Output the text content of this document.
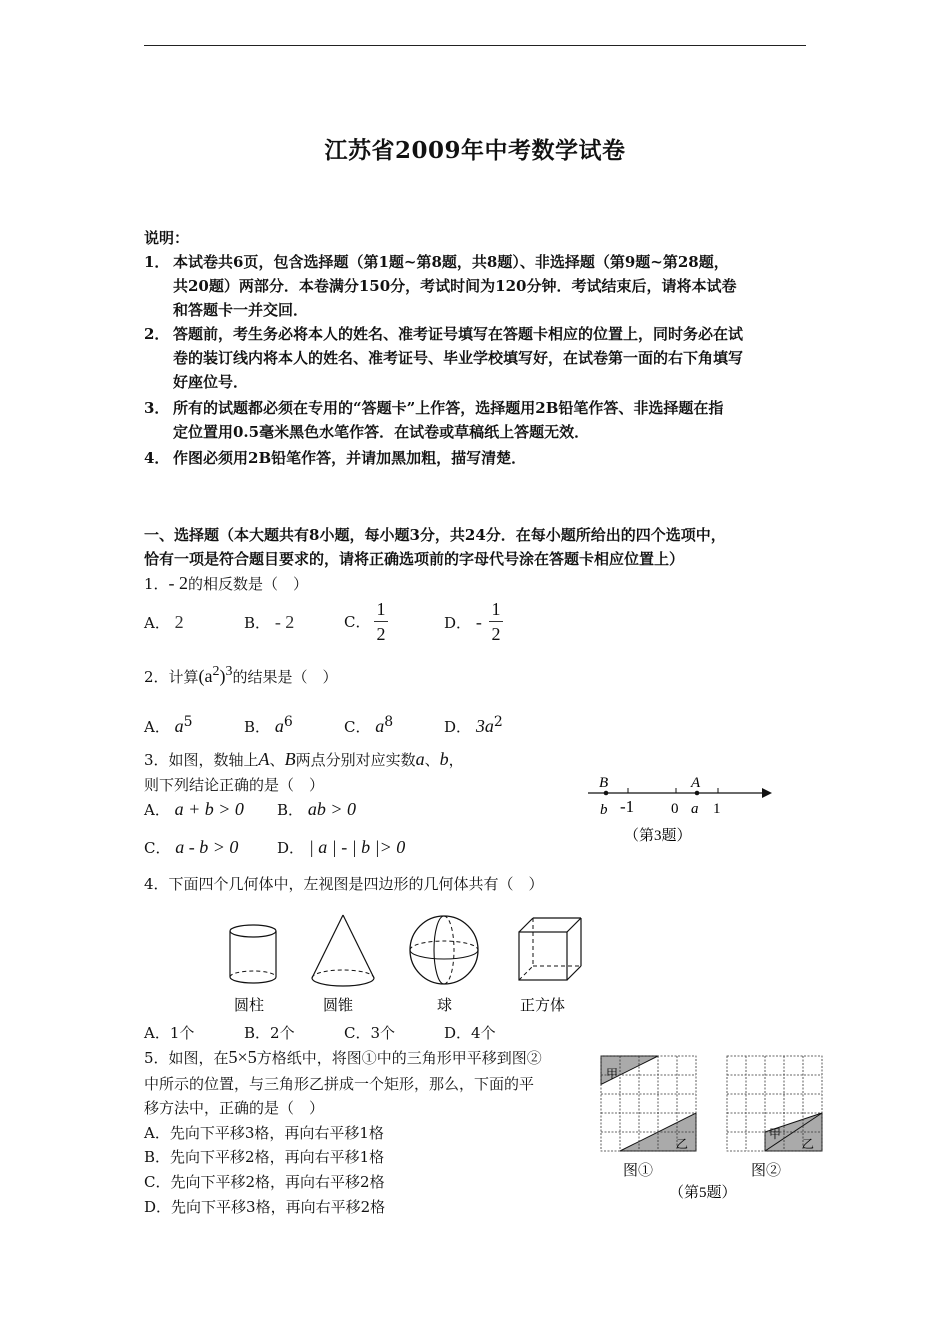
江苏省2009年中考数学试卷
说明：
1． 本试卷共6页，包含选择题（第1题~第8题，共8题）、非选择题（第9题~第28题，
共20题）两部分．本卷满分150分，考试时间为120分钟．考试结束后，请将本试卷
和答题卡一并交回．
2． 答题前，考生务必将本人的姓名、准考证号填写在答题卡相应的位置上，同时务必在试
卷的装订线内将本人的姓名、准考证号、毕业学校填写好，在试卷第一面的右下角填写
好座位号．
3． 所有的试题都必须在专用的“答题卡”上作答，选择题用2B铅笔作答、非选择题在指
定位置用0.5毫米黑色水笔作答．在试卷或草稿纸上答题无效．
4． 作图必须用2B铅笔作答，并请加黑加粗，描写清楚．
一、选择题（本大题共有8小题，每小题3分，共24分．在每小题所给出的四个选项中，
恰有一项是符合题目要求的，请将正确选项前的字母代号涂在答题卡相应位置上）
1．- 2的相反数是（　）
A． 2	B． - 2	C．
1
2
D． -
1
2
2．计算$(a^2)^3$的结果是（　）
A． $a^5$	B． $a^6$	C． $a^8$	D． $3a^2$
3．如图，数轴上A、B两点分别对应实数a、b，
则下列结论正确的是（　）
A． a + b > 0 B． ab > 0
C． a - b > 0	D． | a | - | b |> 0
B	A
b -1 0 a 1
（第3题）
4．下面四个几何体中，左视图是四边形的几何体共有（　）
圆柱	圆锥	球	正方体
A．1个	B．2个	C．3个	D．4个
5．如图，在5×5方格纸中，将图①中的三角形甲平移到图②
中所示的位置，与三角形乙拼成一个矩形，那么，下面的平
移方法中，正确的是（　）
A．先向下平移3格，再向右平移1格
B．先向下平移2格，再向右平移1格
C．先向下平移2格，再向右平移2格
D．先向下平移3格，再向右平移2格
甲
乙
甲
乙
图①	图②
（第5题）
